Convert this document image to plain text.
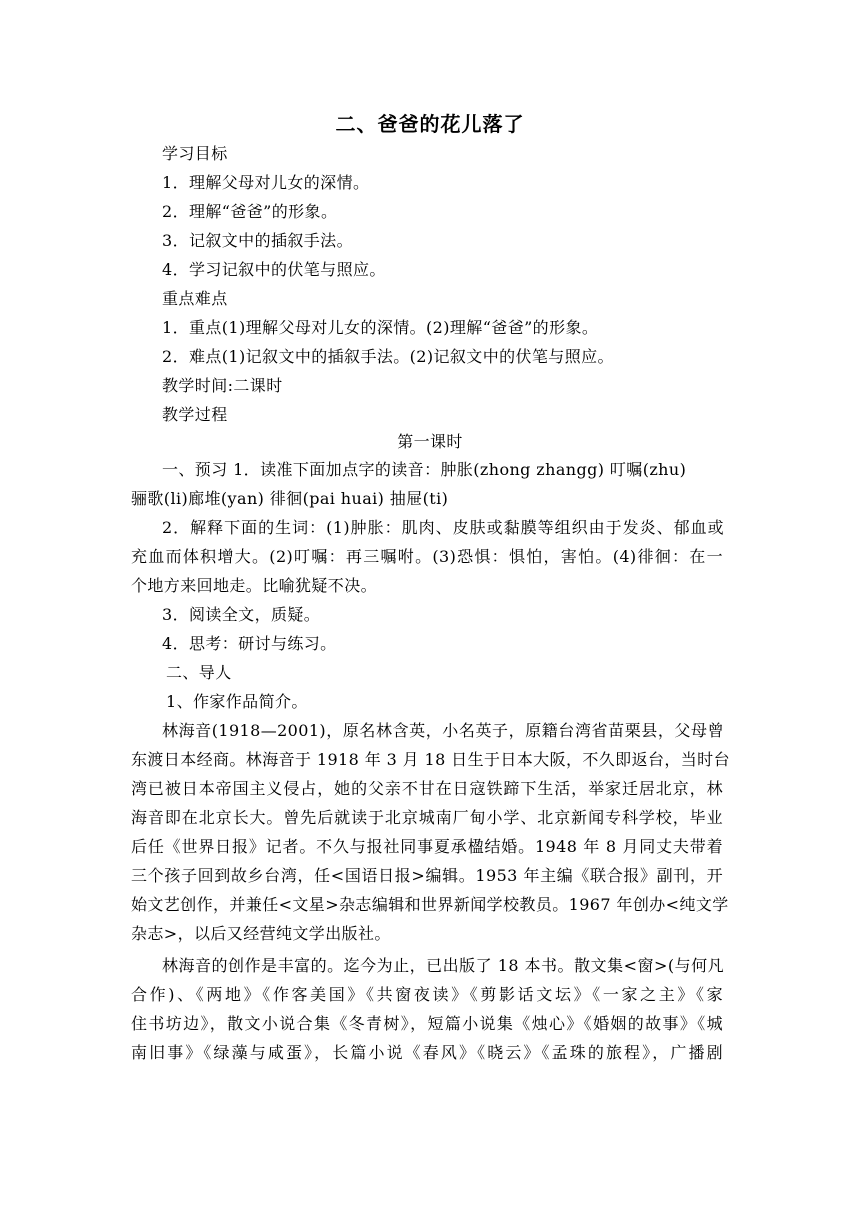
二、爸爸的花儿落了
学习目标
1．理解父母对儿女的深情。
2．理解“爸爸”的形象。
3．记叙文中的插叙手法。
4．学习记叙中的伏笔与照应。
重点难点
1．重点(1)理解父母对儿女的深情。(2)理解“爸爸”的形象。
2．难点(1)记叙文中的插叙手法。(2)记叙文中的伏笔与照应。
教学时间:二课时
教学过程
第一课时
一、预习 1．读准下面加点字的读音：肿胀(zhong zhangg) 叮嘱(zhu)
骊歌(li)廊堆(yan) 徘徊(pai huai) 抽屉(ti)
2．解释下面的生词：(1)肿胀：肌肉、皮肤或黏膜等组织由于发炎、郁血或
充血而体积增大。(2)叮嘱：再三嘱咐。(3)恐惧：惧怕，害怕。(4)徘徊：在一
个地方来回地走。比喻犹疑不决。
3．阅读全文，质疑。
4．思考：研讨与练习。
二、导人
1、作家作品简介。
林海音(1918—2001)，原名林含英，小名英子，原籍台湾省苗栗县，父母曾
东渡日本经商。林海音于 1918 年 3 月 18 日生于日本大阪，不久即返台，当时台
湾已被日本帝国主义侵占，她的父亲不甘在日寇铁蹄下生活，举家迁居北京，林
海音即在北京长大。曾先后就读于北京城南厂甸小学、北京新闻专科学校，毕业
后任《世界日报》记者。不久与报社同事夏承楹结婚。1948 年 8 月同丈夫带着
三个孩子回到故乡台湾，任<国语日报>编辑。1953 年主编《联合报》副刊，开
始文艺创作，并兼任<文星>杂志编辑和世界新闻学校教员。1967 年创办<纯文学
杂志>，以后又经营纯文学出版社。
林海音的创作是丰富的。迄今为止，已出版了 18 本书。散文集<窗>(与何凡
合作)、《两地》《作客美国》《共窗夜读》《剪影话文坛》《一家之主》《家
住书坊边》，散文小说合集《冬青树》，短篇小说集《烛心》《婚姻的故事》《城
南旧事》《绿藻与咸蛋》，长篇小说《春风》《晓云》《孟珠的旅程》，广播剧
